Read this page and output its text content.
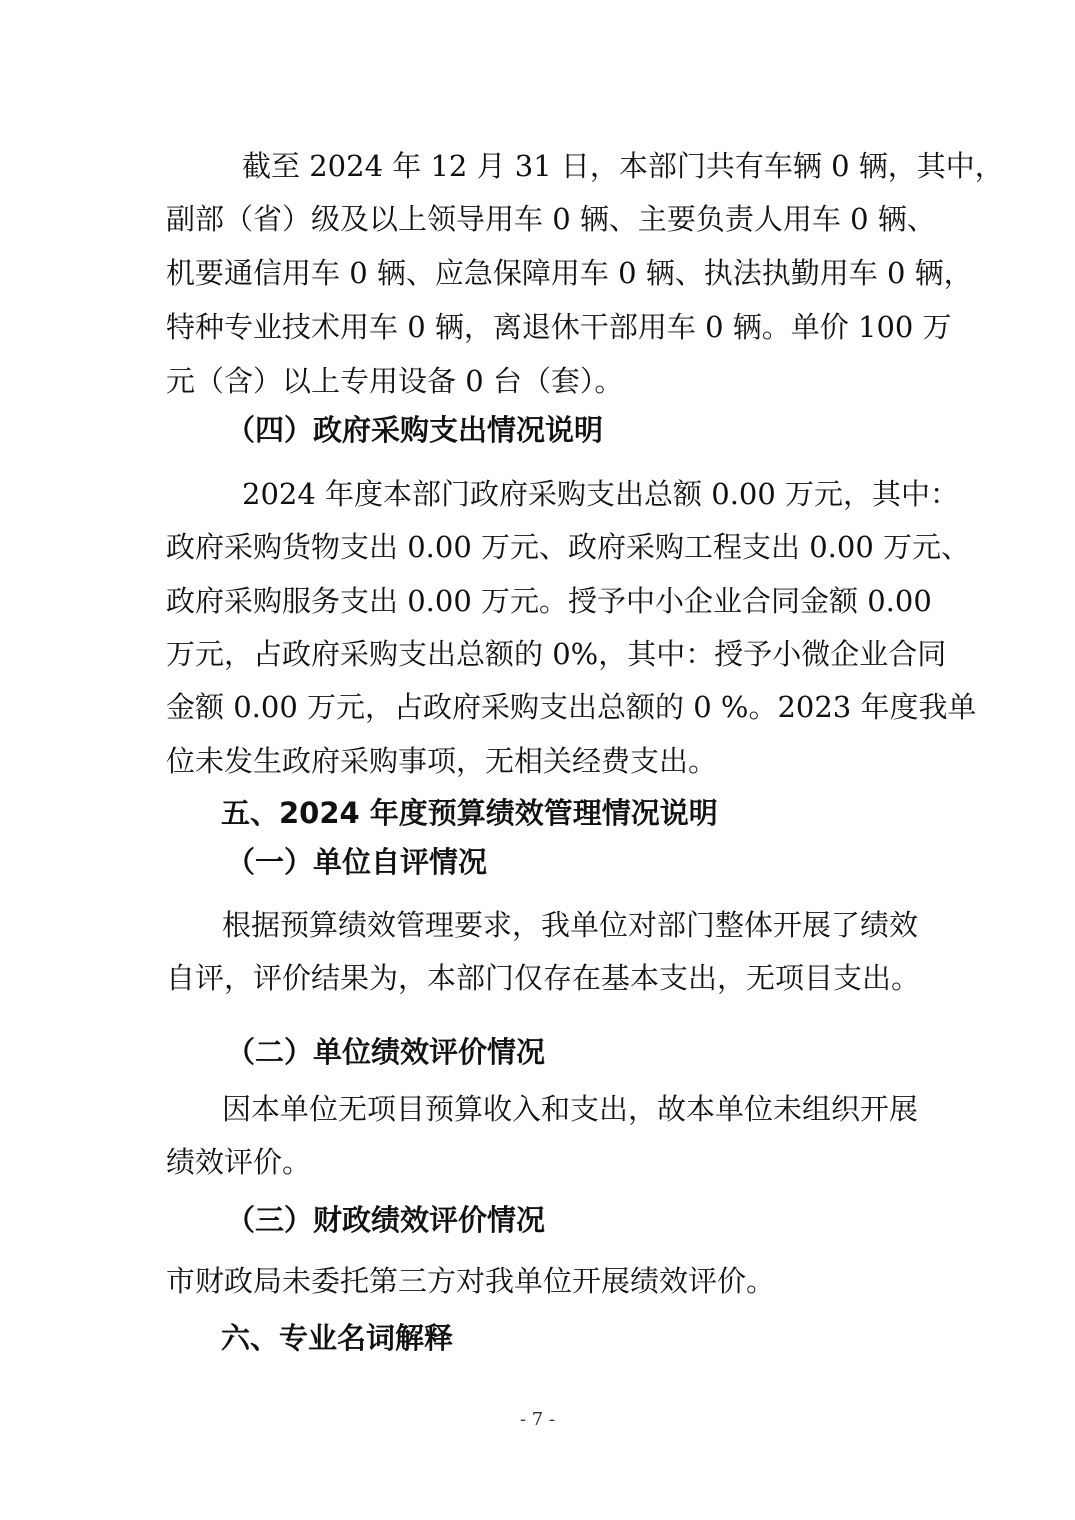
截至 2024 年 12 月 31 日，本部门共有车辆 0 辆，其中，
副部（省）级及以上领导用车 0 辆、主要负责人用车 0 辆、
机要通信用车 0 辆、应急保障用车 0 辆、执法执勤用车 0 辆，
特种专业技术用车 0 辆，离退休干部用车 0 辆。单价 100 万
元（含）以上专用设备 0 台（套）。
（四）政府采购支出情况说明
2024 年度本部门政府采购支出总额 0.00 万元，其中：
政府采购货物支出 0.00 万元、政府采购工程支出 0.00 万元、
政府采购服务支出 0.00 万元。授予中小企业合同金额 0.00
万元，占政府采购支出总额的 0%，其中：授予小微企业合同
金额 0.00 万元，占政府采购支出总额的 0 %。2023 年度我单
位未发生政府采购事项，无相关经费支出。
五、2024 年度预算绩效管理情况说明
（一）单位自评情况
根据预算绩效管理要求，我单位对部门整体开展了绩效
自评，评价结果为，本部门仅存在基本支出，无项目支出。
（二）单位绩效评价情况
因本单位无项目预算收入和支出，故本单位未组织开展
绩效评价。
（三）财政绩效评价情况
市财政局未委托第三方对我单位开展绩效评价。
六、专业名词解释
- 7 -
